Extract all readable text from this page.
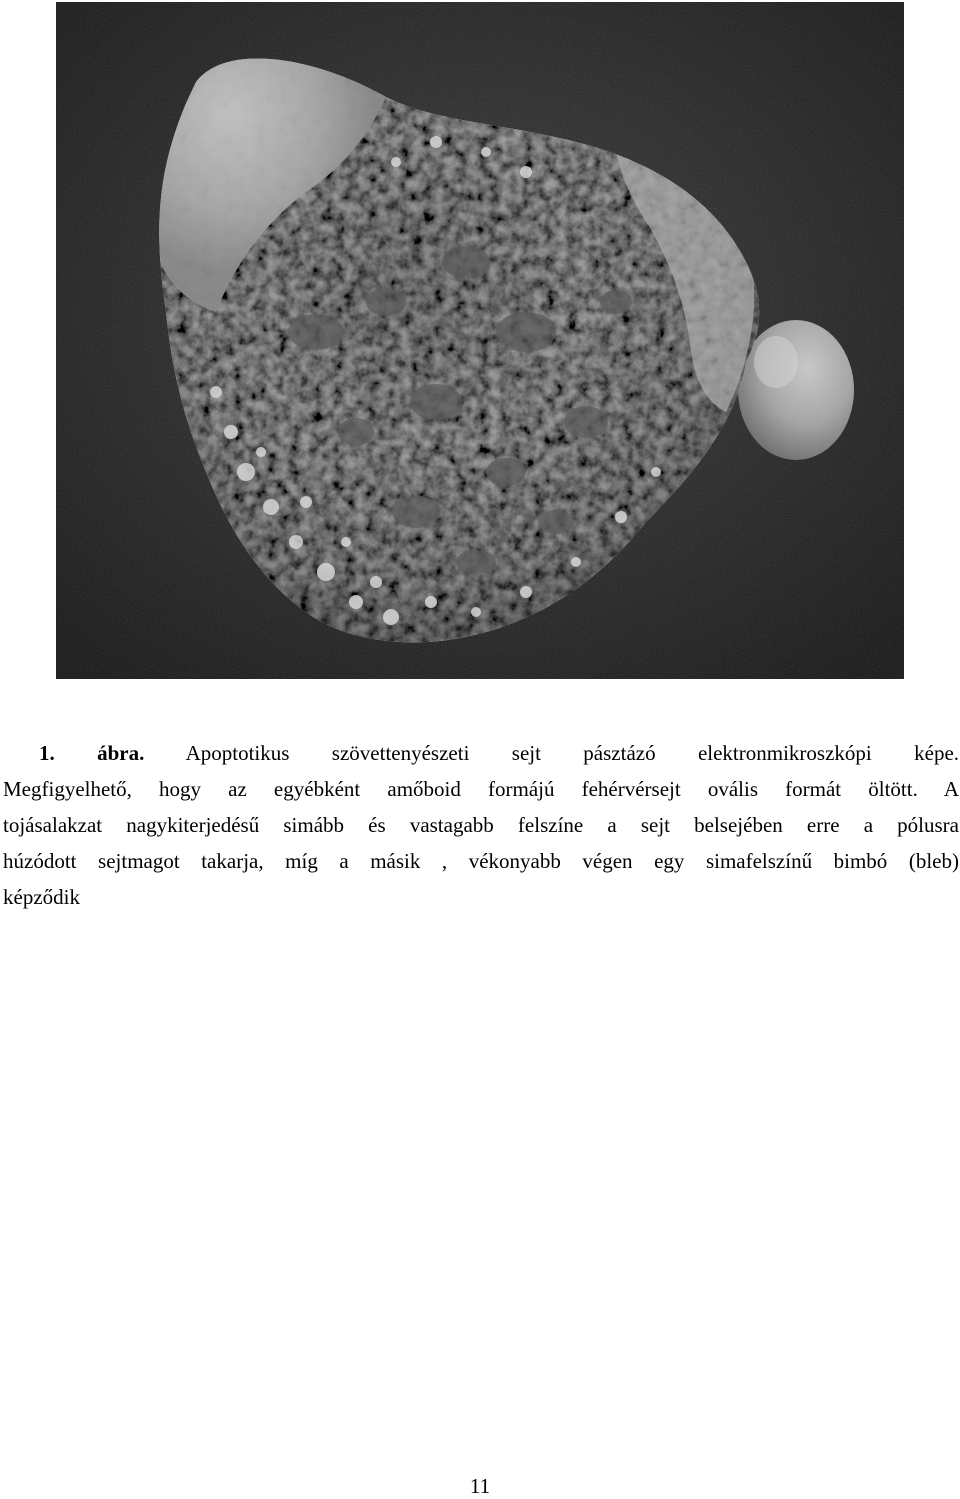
1. ábra. Apoptotikus szövettenyészeti sejt pásztázó elektronmikroszkópi képe.
Megfigyelhető, hogy az egyébként amőboid formájú fehérvérsejt ovális formát öltött. A
tojásalakzat nagykiterjedésű simább és vastagabb felszíne a sejt belsejében erre a pólusra
húzódott sejtmagot takarja, míg a másik , vékonyabb végen egy simafelszínű bimbó (bleb)
képződik

11
